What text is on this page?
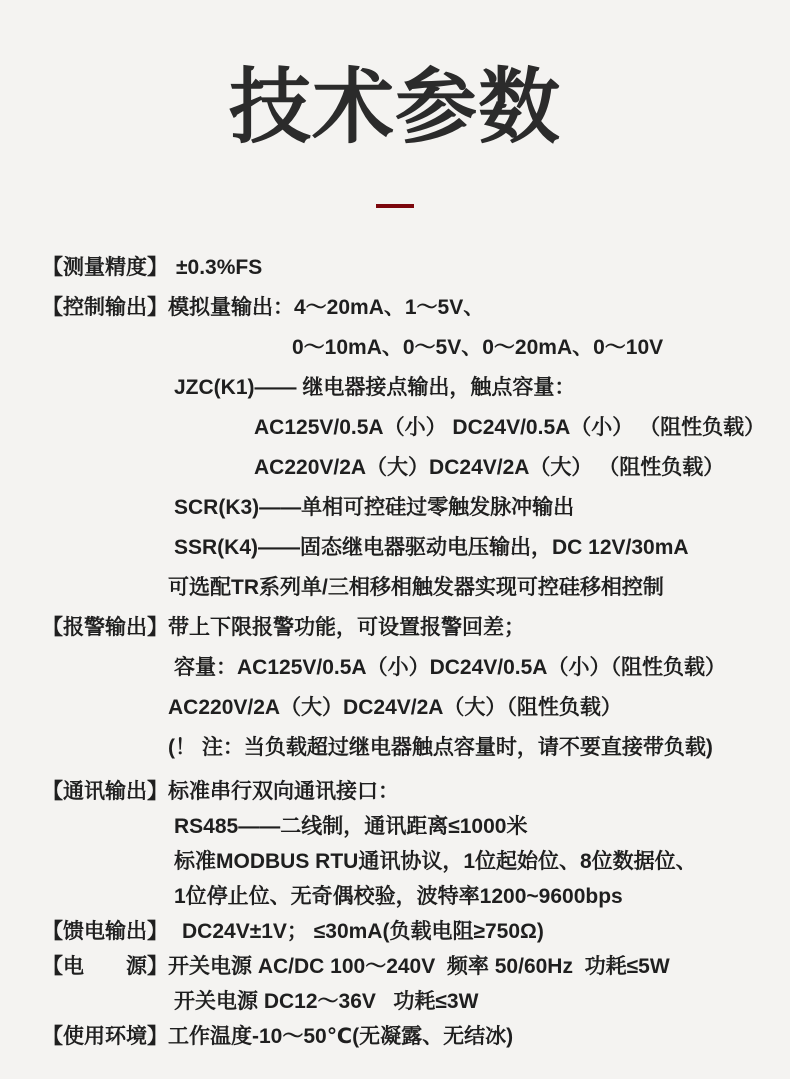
技术参数
【测量精度】 ±0.3%FS
【控制输出】 模拟量输出：4～20mA、1～5V、
0～10mA、0～5V、0～20mA、0～10V
JZC(K1)—— 继电器接点输出，触点容量：
AC125V/0.5A（小） DC24V/0.5A（小） （阻性负载）
AC220V/2A（大）DC24V/2A（大） （阻性负载）
SCR(K3)——单相可控硅过零触发脉冲输出
SSR(K4)——固态继电器驱动电压输出，DC 12V/30mA
可选配TR系列单/三相移相触发器实现可控硅移相控制
【报警输出】 带上下限报警功能，可设置报警回差；
容量：AC125V/0.5A（小）DC24V/0.5A（小）（阻性负载）
AC220V/2A（大）DC24V/2A（大）（阻性负载）
(！ 注：当负载超过继电器触点容量时，请不要直接带负载)
【通讯输出】 标准串行双向通讯接口：
RS485——二线制，通讯距离≤1000米
标准MODBUS RTU通讯协议，1位起始位、8位数据位、
1位停止位、无奇偶校验，波特率1200~9600bps
【馈电输出】 DC24V±1V； ≤30mA(负载电阻≥750Ω)
【电　　源】 开关电源 AC/DC 100～240V  频率 50/60Hz  功耗≤5W
开关电源 DC12～36V   功耗≤3W
【使用环境】 工作温度-10～50℃(无凝露、无结冰)
